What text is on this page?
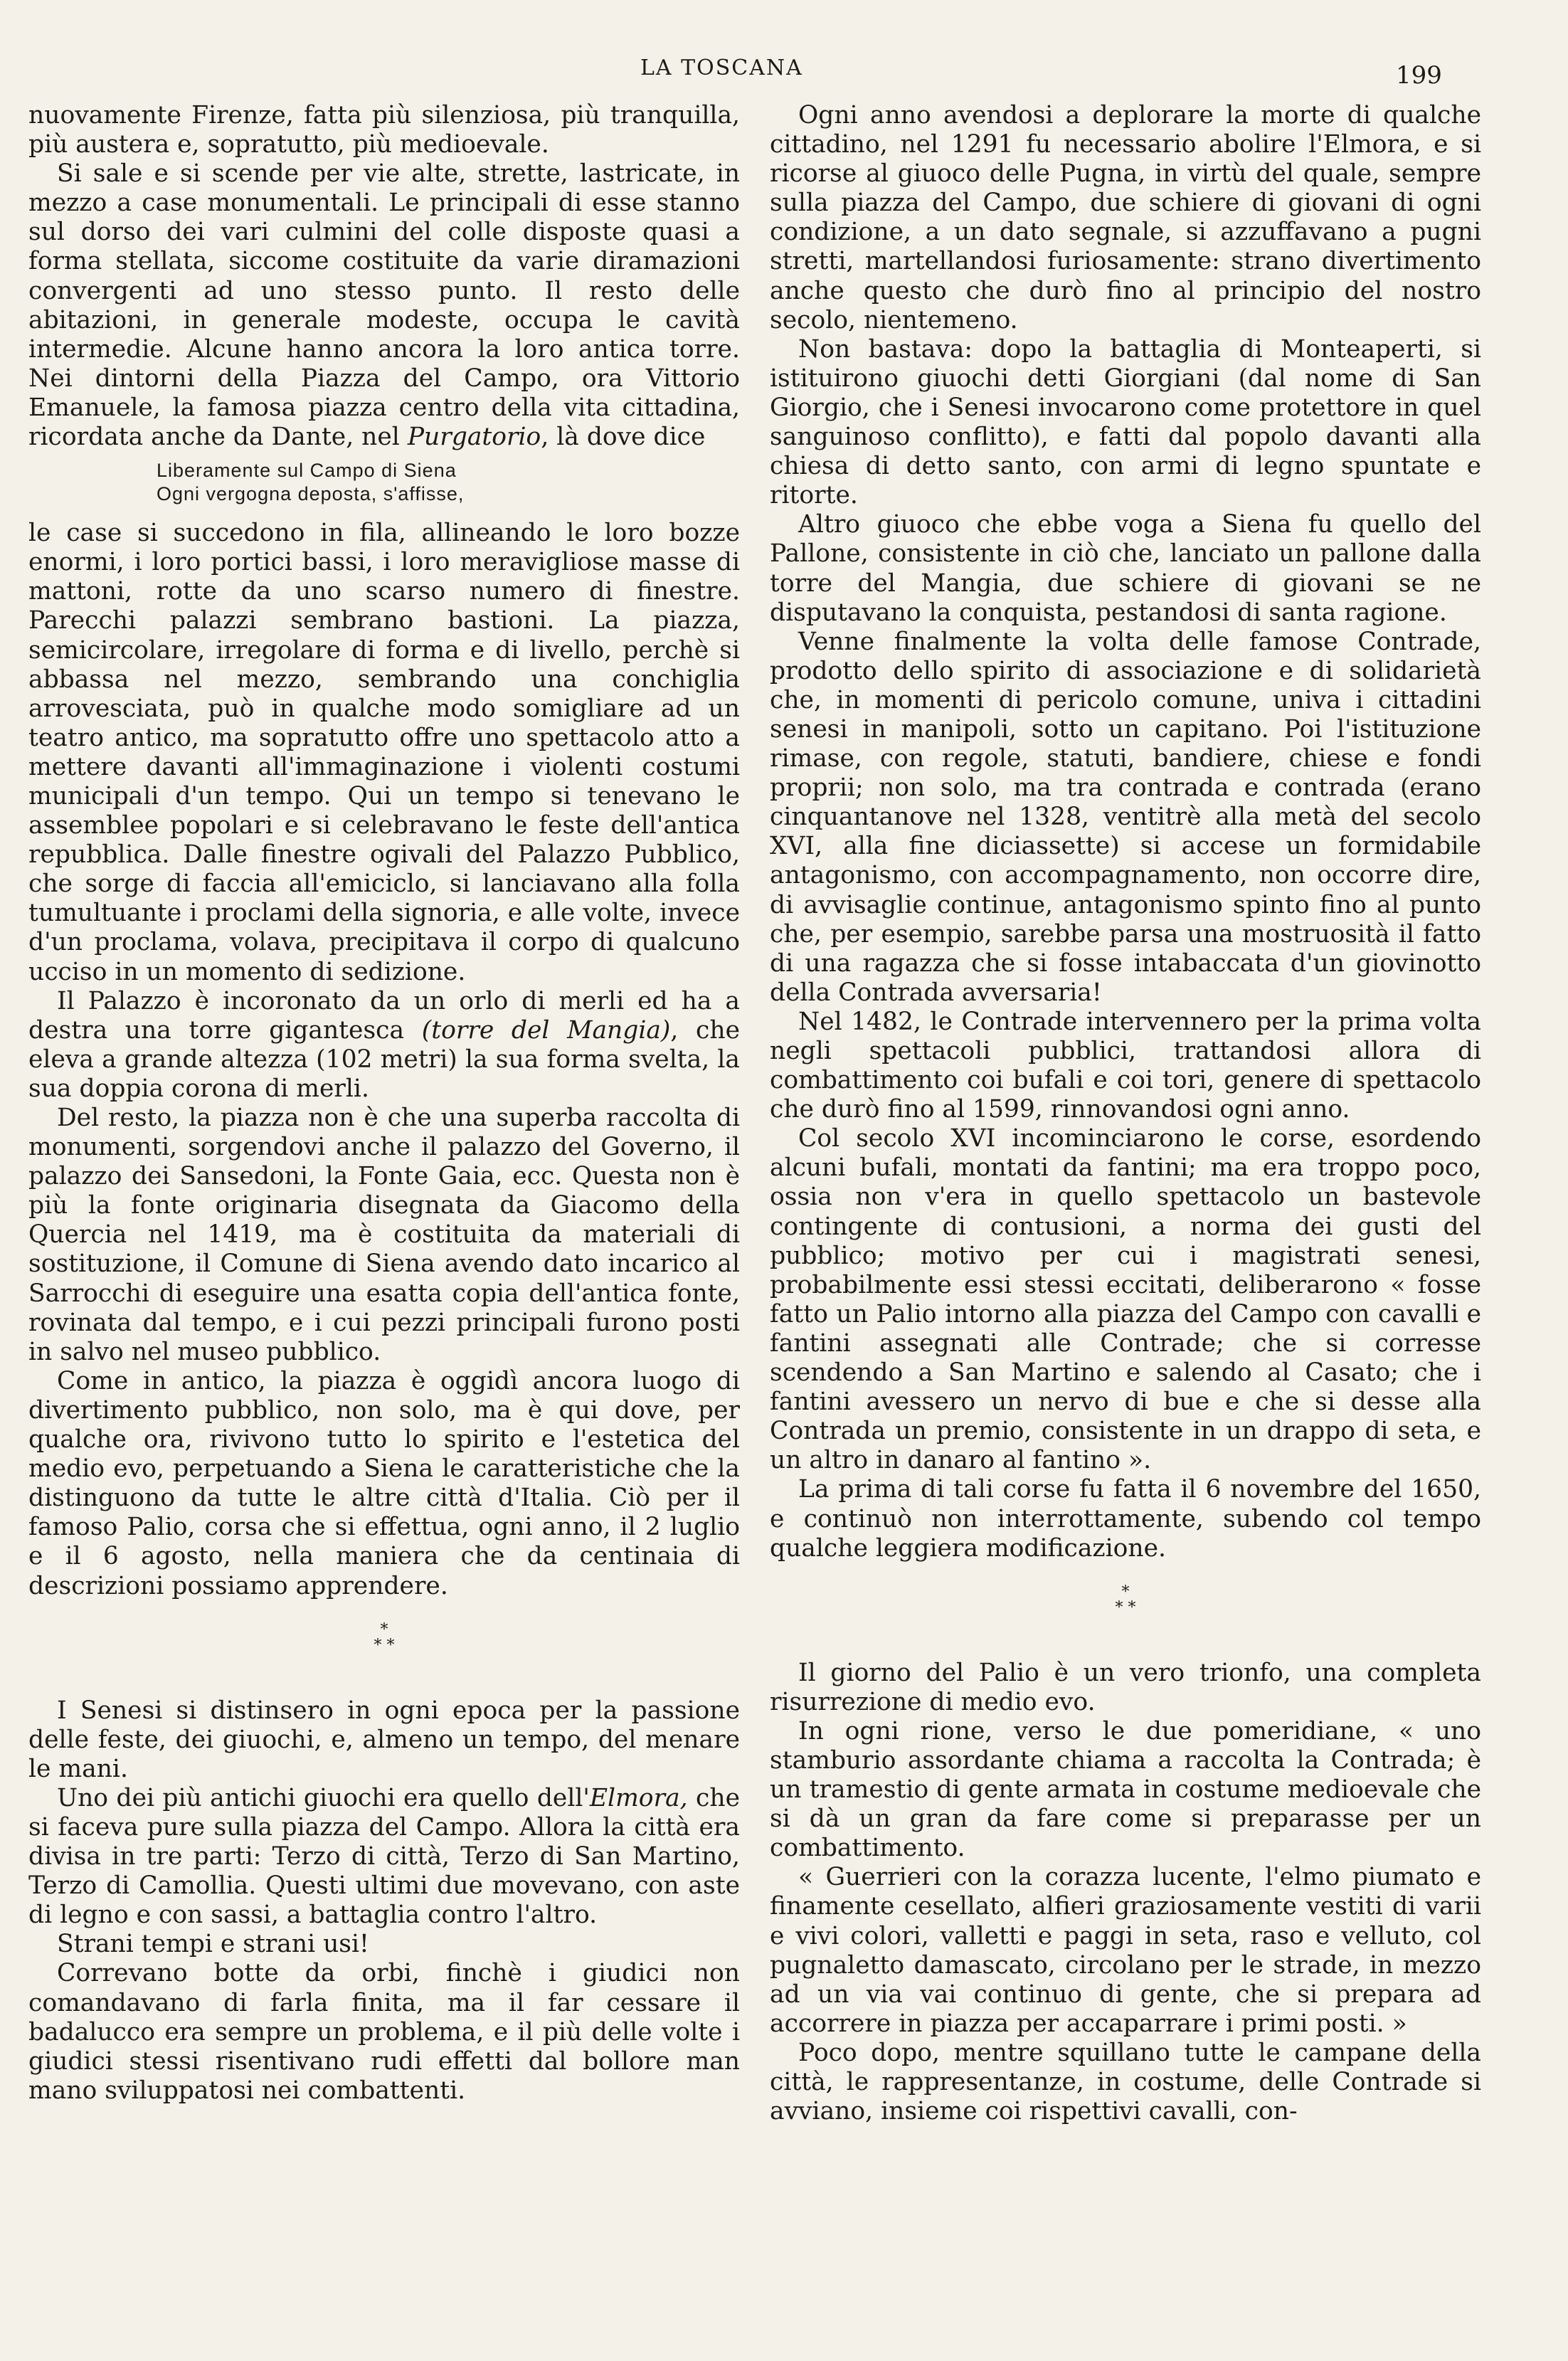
LA TOSCANA	199

nuovamente Firenze, fatta più silenziosa, più tranquilla, più austera e, sopratutto, più medioevale.

Si sale e si scende per vie alte, strette, lastricate, in mezzo a case monumentali. Le principali di esse stanno sul dorso dei vari culmini del colle disposte quasi a forma stellata, siccome costituite da varie diramazioni convergenti ad uno stesso punto. Il resto delle abitazioni, in generale modeste, occupa le cavità intermedie. Alcune hanno ancora la loro antica torre. Nei dintorni della Piazza del Campo, ora Vittorio Emanuele, la famosa piazza centro della vita cittadina, ricordata anche da Dante, nel Purgatorio, là dove dice

Liberamente sul Campo di Siena
Ogni vergogna deposta, s'affisse,

le case si succedono in fila, allineando le loro bozze enormi, i loro portici bassi, i loro meravigliose masse di mattoni, rotte da uno scarso numero di finestre. Parecchi palazzi sembrano bastioni. La piazza, semicircolare, irregolare di forma e di livello, perchè si abbassa nel mezzo, sembrando una conchiglia arrovesciata, può in qualche modo somigliare ad un teatro antico, ma sopratutto offre uno spettacolo atto a mettere davanti all'immaginazione i violenti costumi municipali d'un tempo. Qui un tempo si tenevano le assemblee popolari e si celebravano le feste dell'antica repubblica. Dalle finestre ogivali del Palazzo Pubblico, che sorge di faccia all'emiciclo, si lanciavano alla folla tumultuante i proclami della signoria, e alle volte, invece d'un proclama, volava, precipitava il corpo di qualcuno ucciso in un momento di sedizione.

Il Palazzo è incoronato da un orlo di merli ed ha a destra una torre gigantesca (torre del Mangia), che eleva a grande altezza (102 metri) la sua forma svelta, la sua doppia corona di merli.

Del resto, la piazza non è che una superba raccolta di monumenti, sorgendovi anche il palazzo del Governo, il palazzo dei Sansedoni, la Fonte Gaia, ecc. Questa non è più la fonte originaria disegnata da Giacomo della Quercia nel 1419, ma è costituita da materiali di sostituzione, il Comune di Siena avendo dato incarico al Sarrocchi di eseguire una esatta copia dell'antica fonte, rovinata dal tempo, e i cui pezzi principali furono posti in salvo nel museo pubblico.

Come in antico, la piazza è oggidì ancora luogo di divertimento pubblico, non solo, ma è qui dove, per qualche ora, rivivono tutto lo spirito e l'estetica del medio evo, perpetuando a Siena le caratteristiche che la distinguono da tutte le altre città d'Italia. Ciò per il famoso Palio, corsa che si effettua, ogni anno, il 2 luglio e il 6 agosto, nella maniera che da centinaia di descrizioni possiamo apprendere.

*
* *

I Senesi si distinsero in ogni epoca per la passione delle feste, dei giuochi, e, almeno un tempo, del menare le mani.

Uno dei più antichi giuochi era quello dell'Elmora, che si faceva pure sulla piazza del Campo. Allora la città era divisa in tre parti: Terzo di città, Terzo di San Martino, Terzo di Camollia. Questi ultimi due movevano, con aste di legno e con sassi, a battaglia contro l'altro.

Strani tempi e strani usi!

Correvano botte da orbi, finchè i giudici non comandavano di farla finita, ma il far cessare il badalucco era sempre un problema, e il più delle volte i giudici stessi risentivano rudi effetti dal bollore man mano sviluppatosi nei combattenti.

Ogni anno avendosi a deplorare la morte di qualche cittadino, nel 1291 fu necessario abolire l'Elmora, e si ricorse al giuoco delle Pugna, in virtù del quale, sempre sulla piazza del Campo, due schiere di giovani di ogni condizione, a un dato segnale, si azzuffavano a pugni stretti, martellandosi furiosamente: strano divertimento anche questo che durò fino al principio del nostro secolo, nientemeno.

Non bastava: dopo la battaglia di Monteaperti, si istituirono giuochi detti Giorgiani (dal nome di San Giorgio, che i Senesi invocarono come protettore in quel sanguinoso conflitto), e fatti dal popolo davanti alla chiesa di detto santo, con armi di legno spuntate e ritorte.

Altro giuoco che ebbe voga a Siena fu quello del Pallone, consistente in ciò che, lanciato un pallone dalla torre del Mangia, due schiere di giovani se ne disputavano la conquista, pestandosi di santa ragione.

Venne finalmente la volta delle famose Contrade, prodotto dello spirito di associazione e di solidarietà che, in momenti di pericolo comune, univa i cittadini senesi in manipoli, sotto un capitano. Poi l'istituzione rimase, con regole, statuti, bandiere, chiese e fondi proprii; non solo, ma tra contrada e contrada (erano cinquantanove nel 1328, ventitrè alla metà del secolo XVI, alla fine diciassette) si accese un formidabile antagonismo, con accompagnamento, non occorre dire, di avvisaglie continue, antagonismo spinto fino al punto che, per esempio, sarebbe parsa una mostruosità il fatto di una ragazza che si fosse intabaccata d'un giovinotto della Contrada avversaria!

Nel 1482, le Contrade intervennero per la prima volta negli spettacoli pubblici, trattandosi allora di combattimento coi bufali e coi tori, genere di spettacolo che durò fino al 1599, rinnovandosi ogni anno.

Col secolo XVI incominciarono le corse, esordendo alcuni bufali, montati da fantini; ma era troppo poco, ossia non v'era in quello spettacolo un bastevole contingente di contusioni, a norma dei gusti del pubblico; motivo per cui i magistrati senesi, probabilmente essi stessi eccitati, deliberarono « fosse fatto un Palio intorno alla piazza del Campo con cavalli e fantini assegnati alle Contrade; che si corresse scendendo a San Martino e salendo al Casato; che i fantini avessero un nervo di bue e che si desse alla Contrada un premio, consistente in un drappo di seta, e un altro in danaro al fantino ».

La prima di tali corse fu fatta il 6 novembre del 1650, e continuò non interrottamente, subendo col tempo qualche leggiera modificazione.

*
* *

Il giorno del Palio è un vero trionfo, una completa risurrezione di medio evo.

In ogni rione, verso le due pomeridiane, « uno stamburio assordante chiama a raccolta la Contrada; è un tramestio di gente armata in costume medioevale che si dà un gran da fare come si preparasse per un combattimento.

« Guerrieri con la corazza lucente, l'elmo piumato e finamente cesellato, alfieri graziosamente vestiti di varii e vivi colori, valletti e paggi in seta, raso e velluto, col pugnaletto damascato, circolano per le strade, in mezzo ad un via vai continuo di gente, che si prepara ad accorrere in piazza per accaparrare i primi posti. »

Poco dopo, mentre squillano tutte le campane della città, le rappresentanze, in costume, delle Contrade si avviano, insieme coi rispettivi cavalli, con-
